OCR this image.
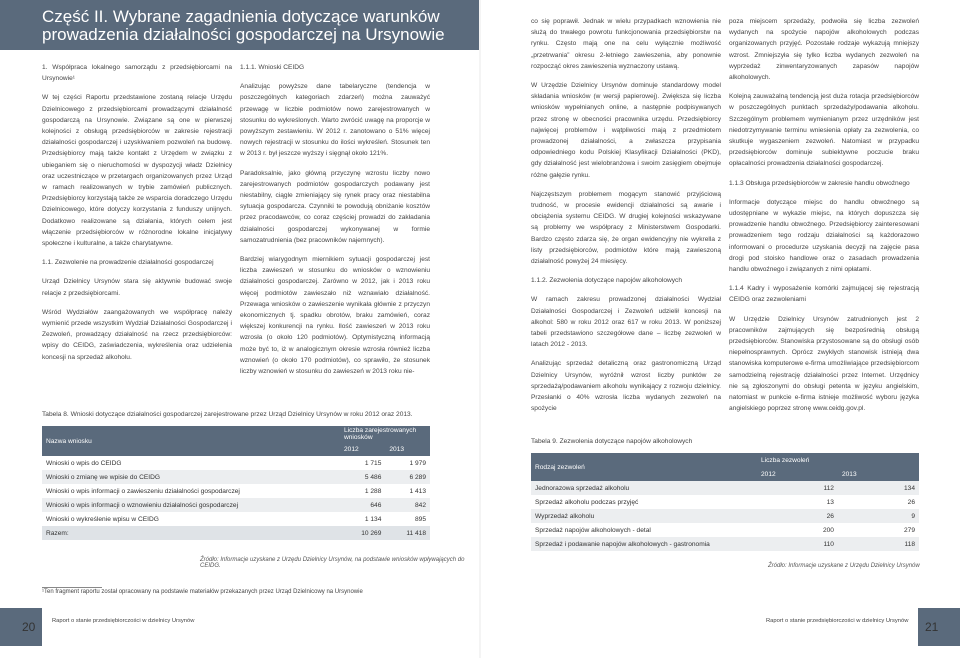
Część II. Wybrane zagadnienia dotyczące warunków
prowadzenia działalności gospodarczej na Ursynowie

1. Współpraca lokalnego samorządu z przedsiębiorcami na Ursynowie¹

W tej części Raportu przedstawione zostaną relacje Urzędu Dzielnicowego z przedsiębiorcami prowadzącymi działalność gospodarczą na Ursynowie. Związane są one w pierwszej kolejności z obsługą przedsiębiorców w zakresie rejestracji działalności gospodarczej i uzyskiwaniem pozwoleń na budowę. Przedsiębiorcy mają także kontakt z Urzędem w związku z ubieganiem się o nieruchomości w dyspozycji władz Dzielnicy oraz uczestniczące w przetargach organizowanych przez Urząd w ramach realizowanych w trybie zamówień publicznych. Przedsiębiorcy korzystają także ze wsparcia doradczego Urzędu Dzielnicowego, które dotyczy korzystania z funduszy unijnych. Dodatkowo realizowane są działania, których celem jest włączenie przedsiębiorców w różnorodne lokalne inicjatywy społeczne i kulturalne, a także charytatywne.

1.1. Zezwolenie na prowadzenie działalności gospodarczej

Urząd Dzielnicy Ursynów stara się aktywnie budować swoje relacje z przedsiębiorcami.

Wśród Wydziałów zaangażowanych we współpracę należy wymienić przede wszystkim Wydział Działalności Gospodarczej i Zezwoleń, prowadzący działalność na rzecz przedsiębiorców: wpisy do CEIDG, zaświadczenia, wykreślenia oraz udzielenia koncesji na sprzedaż alkoholu.

1.1.1. Wnioski CEIDG

Analizując powyższe dane tabelaryczne (tendencja w poszczególnych kategoriach zdarzeń) można zauważyć przewagę w liczbie podmiotów nowo zarejestrowanych w stosunku do wykreślonych. Warto zwrócić uwagę na proporcje w powyższym zestawieniu. W 2012 r. zanotowano o 51% więcej nowych rejestracji w stosunku do ilości wykreśleń. Stosunek ten w 2013 r. był jeszcze wyższy i sięgnął około 121%.

Paradoksalnie, jako główną przyczynę wzrostu liczby nowo zarejestrowanych podmiotów gospodarczych podawany jest niestabilny, ciągle zmieniający się rynek pracy oraz niestabilna sytuacja gospodarcza. Czynniki te powodują obniżanie kosztów przez pracodawców, co coraz częściej prowadzi do zakładania działalności gospodarczej wykonywanej w formie samozatrudnienia (bez pracowników najemnych).

Bardziej wiarygodnym miernikiem sytuacji gospodarczej jest liczba zawieszeń w stosunku do wniosków o wznowieniu działalności gospodarczej. Zarówno w 2012, jak i 2013 roku więcej podmiotów zawieszało niż wznawiało działalność. Przewaga wniosków o zawieszenie wynikała głównie z przyczyn ekonomicznych tj. spadku obrotów, braku zamówień, coraz większej konkurencji na rynku. Ilość zawieszeń w 2013 roku wzrosła (o około 120 podmiotów). Optymistyczną informacją może być to, iż w analogicznym okresie wzrosła również liczba wznowień (o około 170 podmiotów), co sprawiło, że stosunek liczby wznowień w stosunku do zawieszeń w 2013 roku nie-

Tabela 8. Wnioski dotyczące działalności gospodarczej zarejestrowane przez Urząd Dzielnicy Ursynów w roku 2012 oraz 2013.
Nazwa wniosku	Liczba zarejestrowanych wniosków	
	2012	2013
Wnioski o wpis do CEIDG	1 715	1 979
Wnioski o zmianę we wpisie do CEIDG	5 486	6 289
Wnioski o wpis informacji o zawieszeniu działalności gospodarczej	1 288	1 413
Wnioski o wpis informacji o wznowieniu działalności gospodarczej	646	842
Wnioski o wykreślenie wpisu w CEIDG	1 134	895
Razem:	10 269	11 418
Źródło: Informacje uzyskane z Urzędu Dzielnicy Ursynów, na podstawie wniosków wpływających do CEIDG.
¹Ten fragment raportu został opracowany na podstawie materiałów przekazanych przez Urząd Dzielnicowy na Ursynowie
20	Raport o stanie przedsiębiorczości w dzielnicy Ursynów

co się poprawił. Jednak w wielu przypadkach wznowienia nie służą do trwałego powrotu funkcjonowania przedsiębiorstw na rynku. Często mają one na celu wyłącznie możliwość „przetrwania” okresu 2-letniego zawieszenia, aby ponownie rozpocząć okres zawieszenia wyznaczony ustawą.

W Urzędzie Dzielnicy Ursynów dominuje standardowy model składania wniosków (w wersji papierowej). Zwiększa się liczba wniosków wypełnianych online, a następnie podpisywanych przez stronę w obecności pracownika urzędu. Przedsiębiorcy najwięcej problemów i wątpliwości mają z przedmiotem prowadzonej działalności, a zwłaszcza przypisania odpowiedniego kodu Polskiej Klasyfikacji Działalności (PKD), gdy działalność jest wielobranżowa i swoim zasięgiem obejmuje różne gałęzie rynku.

Najczęstszym problemem mogącym stanowić przyjściową trudność, w procesie ewidencji działalności są awarie i obciążenia systemu CEIDG. W drugiej kolejności wskazywane są problemy we współpracy z Ministerstwem Gospodarki. Bardzo często zdarza się, że organ ewidencyjny nie wykrella z listy przedsiębiorców, podmiotów które mają zawieszoną działalność powyżej 24 miesięcy.

1.1.2. Zezwolenia dotyczące napojów alkoholowych

W ramach zakresu prowadzonej działalności Wydział Działalności Gospodarczej i Zezwoleń udzielił koncesji na alkohol: 580 w roku 2012 oraz 617 w roku 2013. W poniższej tabeli przedstawiono szczegółowe dane – liczbę zezwoleń w latach 2012 - 2013.

Analizując sprzedaż detaliczną oraz gastronomiczną Urząd Dzielnicy Ursynów, wyróżnił wzrost liczby punktów ze sprzedażą/podawaniem alkoholu wynikający z rozwoju dzielnicy. Przesłanki o 40% wzrosła liczba wydanych zezwoleń na spożycie

poza miejscem sprzedaży, podwoiła się liczba zezwoleń wydanych na spożycie napojów alkoholowych podczas organizowanych przyjęć. Pozostałe rodzaje wykazują mniejszy wzrost. Zmniejszyła się tylko liczba wydanych zezwoleń na wyprzedaż zinwentaryzowanych zapasów napojów alkoholowych.

Kolejną zauważalną tendencją jest duża rotacja przedsiębiorców w poszczególnych punktach sprzedaży/podawania alkoholu. Szczególnym problemem wymienianym przez urzędników jest niedotrzymywanie terminu wniesienia opłaty za zezwolenia, co skutkuje wygaszeniem zezwoleń. Natomiast w przypadku przedsiębiorców dominuje subiektywne poczucie braku opłacalności prowadzenia działalności gospodarczej.

1.1.3 Obsługa przedsiębiorców w zakresie handlu obwoźnego

Informacje dotyczące miejsc do handlu obwoźnego są udostępniane w wykazie miejsc, na których dopuszcza się prowadzenie handlu obwoźnego. Przedsiębiorcy zainteresowani prowadzeniem tego rodzaju działalności są każdorazowo informowani o procedurze uzyskania decyzji na zajęcie pasa drogi pod stoisko handlowe oraz o zasadach prowadzenia handlu obwoźnego i związanych z nimi opłatami.

1.1.4 Kadry i wyposażenie komórki zajmującej się rejestracją CEIDG oraz zezwoleniami

W Urzędzie Dzielnicy Ursynów zatrudnionych jest 2 pracowników zajmujących się bezpośrednią obsługą przedsiębiorców. Stanowiska przystosowane są do obsługi osób niepełnosprawnych. Oprócz zwykłych stanowisk istnieją dwa stanowiska komputerowe e-firma umożliwiające przedsiębiorcom samodzielną rejestrację działalności przez Internet. Urzędnicy nie są zgłoszonymi do obsługi petenta w języku angielskim, natomiast w punkcie e-firma istnieje możliwość wyboru języka angielskiego poprzez stronę www.ceidg.gov.pl.

Tabela 9. Zezwolenia dotyczące napojów alkoholowych
Rodzaj zezwoleń	Liczba zezwoleń	
	2012	2013
Jednorazowa sprzedaż alkoholu	112	134
Sprzedaż alkoholu podczas przyjęć	13	26
Wyprzedaż alkoholu	26	9
Sprzedaż napojów alkoholowych - detal	200	279
Sprzedaż i podawanie napojów alkoholowych - gastronomia	110	118
Źródło: Informacje uzyskane z Urzędu Dzielnicy Ursynów
21
Raport o stanie przedsiębiorczości w dzielnicy Ursynów
